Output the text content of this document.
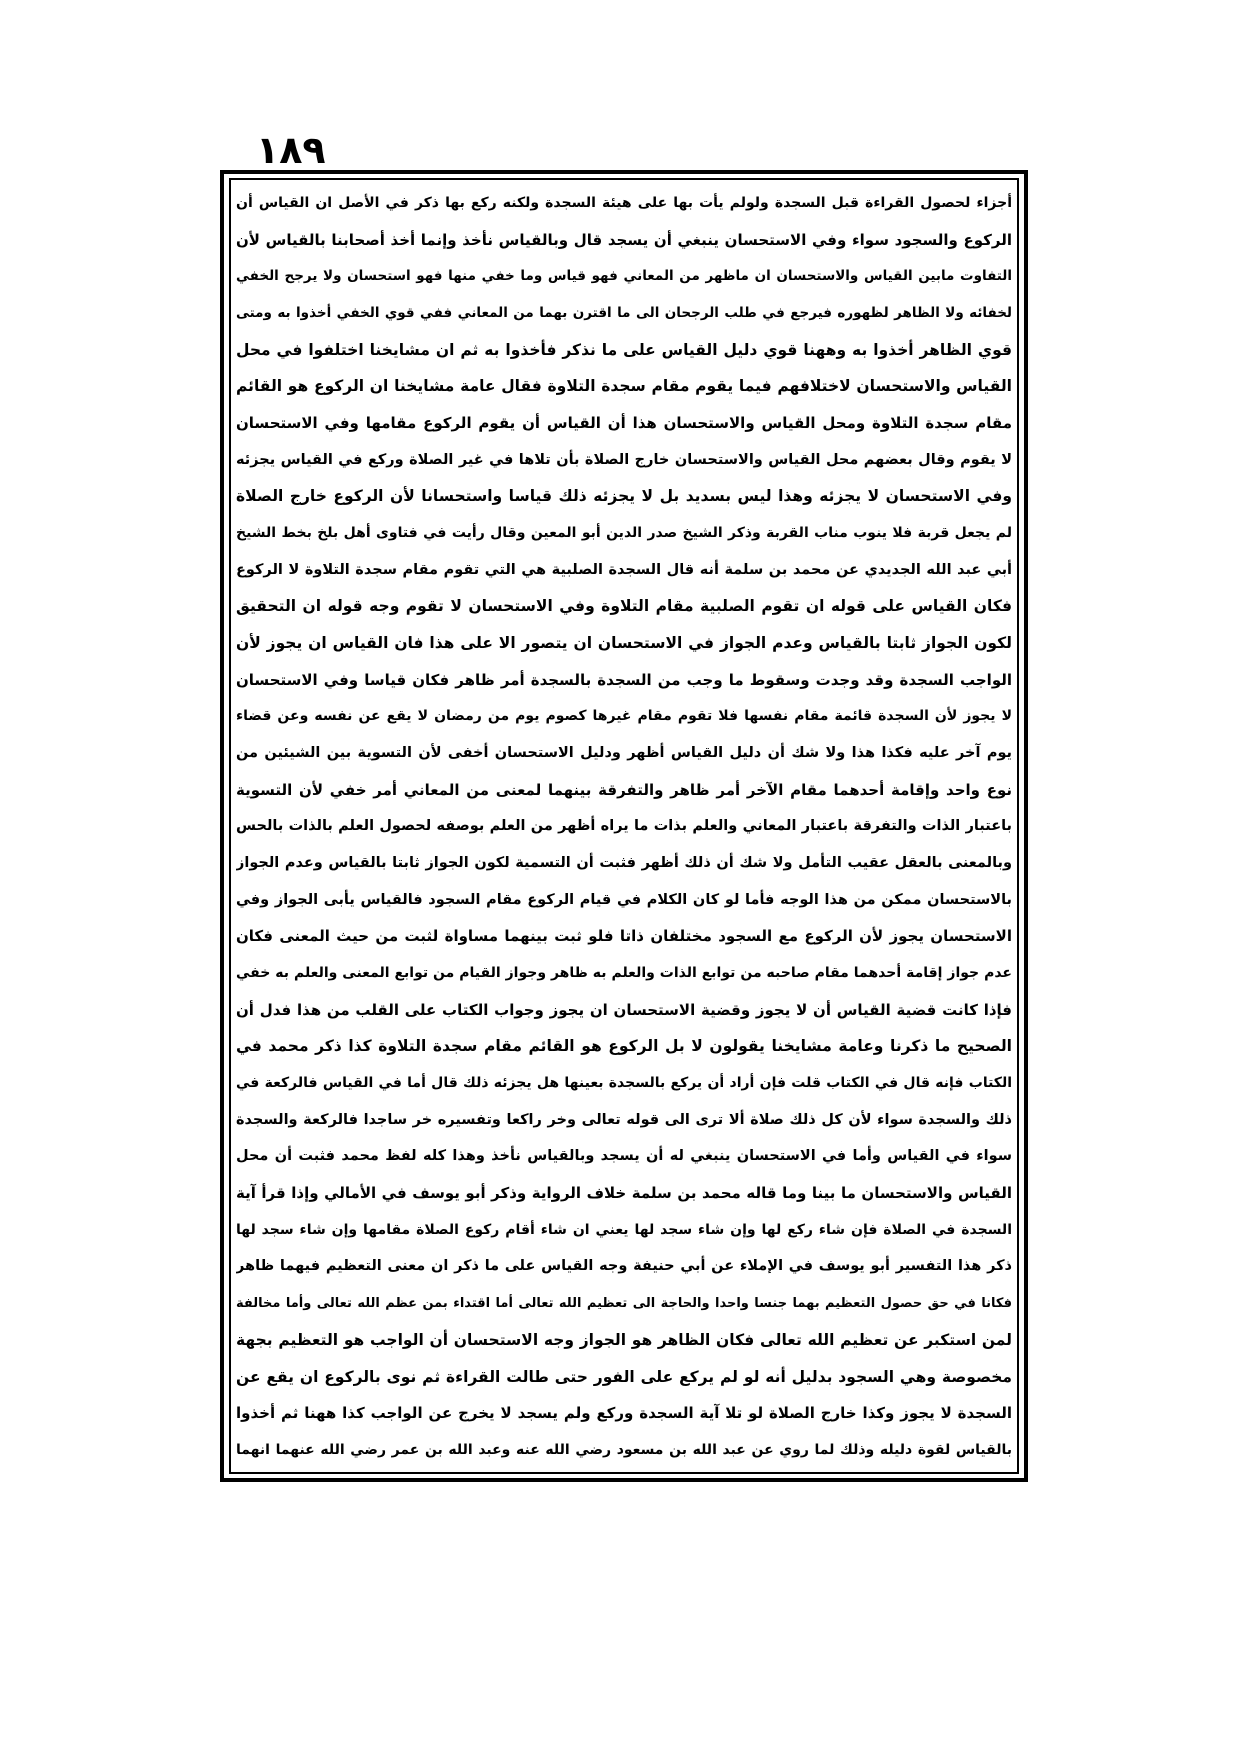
١٨٩
أجزاء لحصول القراءة قبل السجدة ولولم يأت بها على هيئة السجدة ولكنه ركع بها ذكر في الأصل ان القياس أن
الركوع والسجود سواء وفي الاستحسان ينبغي أن يسجد قال وبالقياس نأخذ وإنما أخذ أصحابنا بالقياس لأن
التفاوت مابين القياس والاستحسان ان ماظهر من المعاني فهو قياس وما خفي منها فهو استحسان ولا يرجح الخفي
لخفائه ولا الظاهر لظهوره فيرجع في طلب الرجحان الى ما اقترن بهما من المعاني ففي قوي الخفي أخذوا به ومتى
قوي الظاهر أخذوا به وههنا قوي دليل القياس على ما نذكر فأخذوا به ثم ان مشايخنا اختلفوا في محل
القياس والاستحسان لاختلافهم فيما يقوم مقام سجدة التلاوة فقال عامة مشايخنا ان الركوع هو القائم
مقام سجدة التلاوة ومحل القياس والاستحسان هذا أن القياس أن يقوم الركوع مقامها وفي الاستحسان
لا يقوم وقال بعضهم محل القياس والاستحسان خارج الصلاة بأن تلاها في غير الصلاة وركع في القياس يجزئه
وفي الاستحسان لا يجزئه وهذا ليس بسديد بل لا يجزئه ذلك قياسا واستحسانا لأن الركوع خارج الصلاة
لم يجعل قربة فلا ينوب مناب القربة وذكر الشيخ صدر الدين أبو المعين وقال رأيت في فتاوى أهل بلخ بخط الشيخ
أبي عبد الله الجديدي عن محمد بن سلمة أنه قال السجدة الصلبية هي التي تقوم مقام سجدة التلاوة لا الركوع
فكان القياس على قوله ان تقوم الصلبية مقام التلاوة وفي الاستحسان لا تقوم وجه قوله ان التحقيق
لكون الجواز ثابتا بالقياس وعدم الجواز في الاستحسان ان يتصور الا على هذا فان القياس ان يجوز لأن
الواجب السجدة وقد وجدت وسقوط ما وجب من السجدة بالسجدة أمر ظاهر فكان قياسا وفي الاستحسان
لا يجوز لأن السجدة قائمة مقام نفسها فلا تقوم مقام غيرها كصوم يوم من رمضان لا يقع عن نفسه وعن قضاء
يوم آخر عليه فكذا هذا ولا شك أن دليل القياس أظهر ودليل الاستحسان أخفى لأن التسوية بين الشيئين من
نوع واحد وإقامة أحدهما مقام الآخر أمر ظاهر والتفرقة بينهما لمعنى من المعاني أمر خفي لأن التسوية
باعتبار الذات والتفرقة باعتبار المعاني والعلم بذات ما يراه أظهر من العلم بوصفه لحصول العلم بالذات بالحس
وبالمعنى بالعقل عقيب التأمل ولا شك أن ذلك أظهر فثبت أن التسمية لكون الجواز ثابتا بالقياس وعدم الجواز
بالاستحسان ممكن من هذا الوجه فأما لو كان الكلام في قيام الركوع مقام السجود فالقياس يأبى الجواز وفي
الاستحسان يجوز لأن الركوع مع السجود مختلفان ذاتا فلو ثبت بينهما مساواة لثبت من حيث المعنى فكان
عدم جواز إقامة أحدهما مقام صاحبه من توابع الذات والعلم به ظاهر وجواز القيام من توابع المعنى والعلم به خفي
فإذا كانت قضية القياس أن لا يجوز وقضية الاستحسان ان يجوز وجواب الكتاب على القلب من هذا فدل أن
الصحيح ما ذكرنا وعامة مشايخنا يقولون لا بل الركوع هو القائم مقام سجدة التلاوة كذا ذكر محمد في
الكتاب فإنه قال في الكتاب قلت فإن أراد أن يركع بالسجدة بعينها هل يجزئه ذلك قال أما في القياس فالركعة في
ذلك والسجدة سواء لأن كل ذلك صلاة ألا ترى الى قوله تعالى وخر راكعا وتفسيره خر ساجدا فالركعة والسجدة
سواء في القياس وأما في الاستحسان ينبغي له أن يسجد وبالقياس نأخذ وهذا كله لفظ محمد فثبت أن محل
القياس والاستحسان ما بينا وما قاله محمد بن سلمة خلاف الرواية وذكر أبو يوسف في الأمالي وإذا قرأ آية
السجدة في الصلاة فإن شاء ركع لها وإن شاء سجد لها يعني ان شاء أقام ركوع الصلاة مقامها وإن شاء سجد لها
ذكر هذا التفسير أبو يوسف في الإملاء عن أبي حنيفة وجه القياس على ما ذكر ان معنى التعظيم فيهما ظاهر
فكانا في حق حصول التعظيم بهما جنسا واحدا والحاجة الى تعظيم الله تعالى أما اقتداء بمن عظم الله تعالى وأما مخالفة
لمن استكبر عن تعظيم الله تعالى فكان الظاهر هو الجواز وجه الاستحسان أن الواجب هو التعظيم بجهة
مخصوصة وهي السجود بدليل أنه لو لم يركع على الفور حتى طالت القراءة ثم نوى بالركوع ان يقع عن
السجدة لا يجوز وكذا خارج الصلاة لو تلا آية السجدة وركع ولم يسجد لا يخرج عن الواجب كذا ههنا ثم أخذوا
بالقياس لقوة دليله وذلك لما روي عن عبد الله بن مسعود رضي الله عنه وعبد الله بن عمر رضي الله عنهما انهما
